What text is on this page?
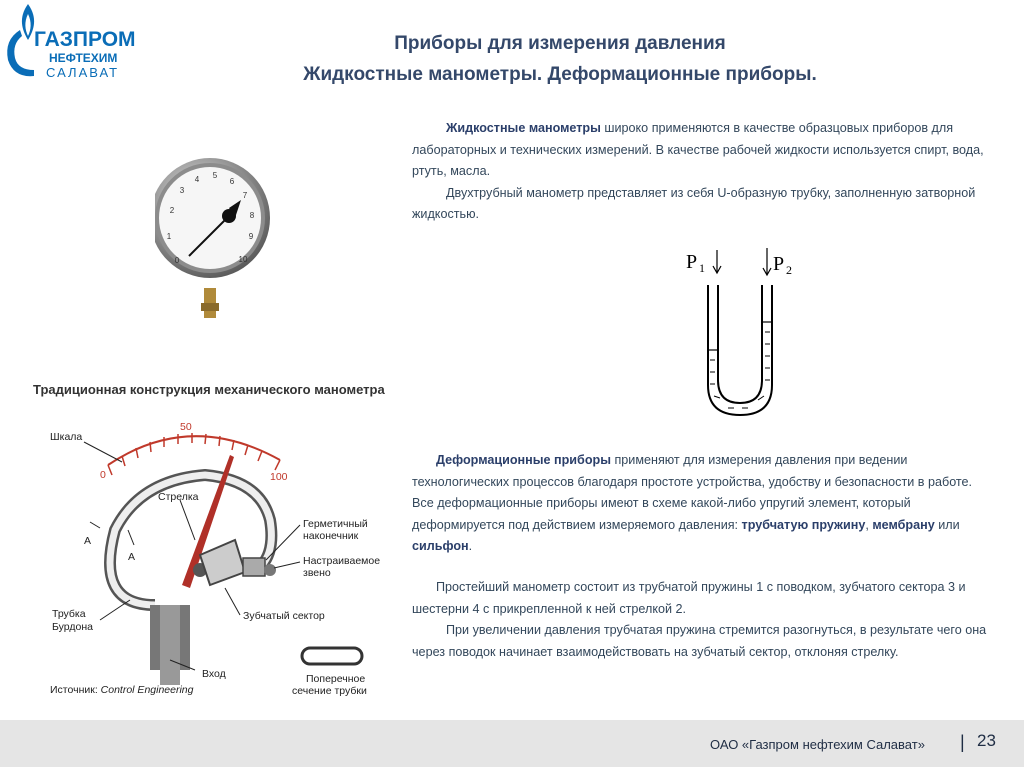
ГАЗПРОМ
НЕФТЕХИМ
САЛАВАТ
Приборы для измерения давления
Жидкостные манометры. Деформационные приборы.
0
1
2
3
4 5
6
7
8
9
10
Жидкостные манометры широко применяются в качестве образцовых приборов для лабораторных и технических измерений. В качестве рабочей жидкости используется спирт, вода, ртуть, масла.
Двухтрубный манометр представляет из себя U-образную трубку, заполненную затворной жидкостью.
P 1	P 2
Деформационные приборы применяют для измерения давления при ведении технологических процессов благодаря простоте устройства, удобству и безопасности в работе. Все деформационные приборы имеют в схеме какой-либо упругий элемент, который деформируется под действием измеряемого давления: трубчатую пружину, мембрану или сильфон.
Простейший манометр состоит из трубчатой пружины 1 с поводком, зубчатого сектора 3 и шестерни 4 с прикрепленной к ней стрелкой 2.
При увеличении давления трубчатая пружина стремится разогнуться, в результате чего она через поводок начинает взаимодействовать на зубчатый сектор, отклоняя стрелку.
Традиционная конструкция механического манометра
0
50
100
Шкала
Стрелка
Герметичный
наконечник
Настраиваемое
звено
Зубчатый сектор
Трубка
Бурдона
A
A
Вход	Поперечное
сечение трубки
Источник: Control Engineering
ОАО «Газпром нефтехим Салават» | 23
